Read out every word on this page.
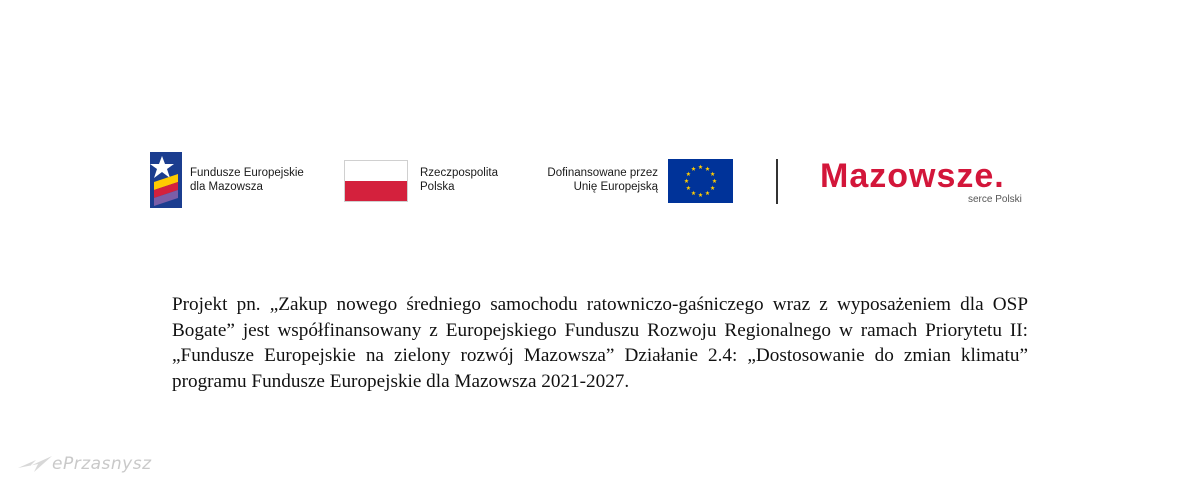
Fundusze Europejskie
dla Mazowsza
Rzeczpospolita
Polska
Dofinansowane przez
Unię Europejską	Mazowsze.
serce Polski

Projekt pn. „Zakup nowego średniego samochodu ratowniczo-gaśniczego wraz z wyposażeniem dla OSP Bogate” jest współfinansowany z Europejskiego Funduszu Rozwoju Regionalnego w ramach Priorytetu II: „Fundusze Europejskie na zielony rozwój Mazowsza” Działanie 2.4: „Dostosowanie do zmian klimatu” programu Fundusze Europejskie dla Mazowsza 2021-2027.

ePrzasnysz
